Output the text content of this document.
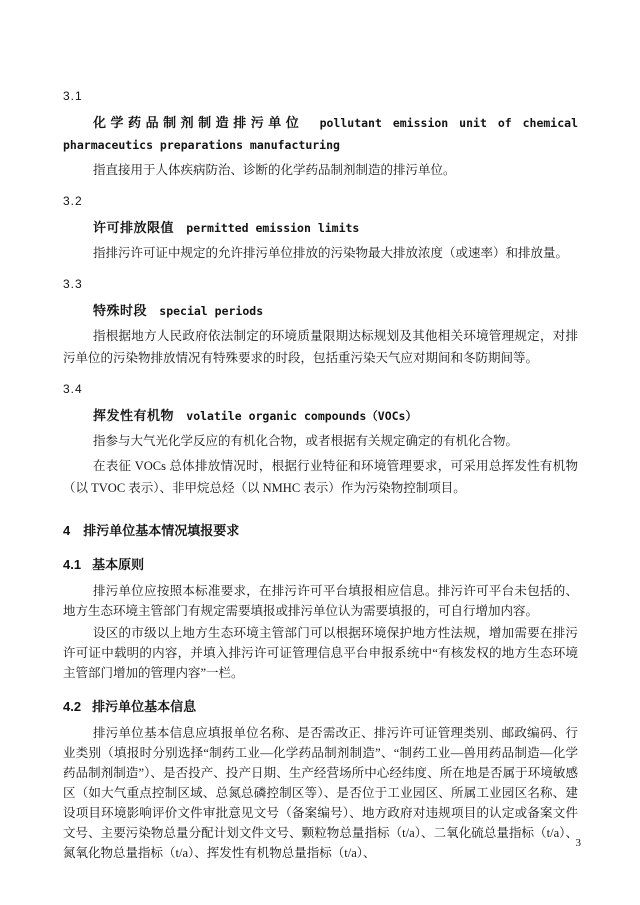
3.1

化学药品制剂制造排污单位 pollutant emission unit of chemical pharmaceutics preparations manufacturing

指直接用于人体疾病防治、诊断的化学药品制剂制造的排污单位。

3.2

许可排放限值 permitted emission limits

指排污许可证中规定的允许排污单位排放的污染物最大排放浓度（或速率）和排放量。

3.3

特殊时段 special periods

指根据地方人民政府依法制定的环境质量限期达标规划及其他相关环境管理规定，对排污单位的污染物排放情况有特殊要求的时段，包括重污染天气应对期间和冬防期间等。

3.4

挥发性有机物 volatile organic compounds（VOCs）

指参与大气光化学反应的有机化合物，或者根据有关规定确定的有机化合物。

在表征 VOCs 总体排放情况时，根据行业特征和环境管理要求，可采用总挥发性有机物（以 TVOC 表示）、非甲烷总烃（以 NMHC 表示）作为污染物控制项目。

4 排污单位基本情况填报要求

4.1 基本原则

排污单位应按照本标准要求，在排污许可平台填报相应信息。排污许可平台未包括的、地方生态环境主管部门有规定需要填报或排污单位认为需要填报的，可自行增加内容。

设区的市级以上地方生态环境主管部门可以根据环境保护地方性法规，增加需要在排污许可证中载明的内容，并填入排污许可证管理信息平台申报系统中“有核发权的地方生态环境主管部门增加的管理内容”一栏。

4.2 排污单位基本信息

排污单位基本信息应填报单位名称、是否需改正、排污许可证管理类别、邮政编码、行业类别（填报时分别选择“制药工业—化学药品制剂制造”、“制药工业—兽用药品制造—化学药品制剂制造”）、是否投产、投产日期、生产经营场所中心经纬度、所在地是否属于环境敏感区（如大气重点控制区域、总氮总磷控制区等）、是否位于工业园区、所属工业园区名称、建设项目环境影响评价文件审批意见文号（备案编号）、地方政府对违规项目的认定或备案文件文号、主要污染物总量分配计划文件文号、颗粒物总量指标（t/a）、二氧化硫总量指标（t/a）、氮氧化物总量指标（t/a）、挥发性有机物总量指标（t/a）、

3
